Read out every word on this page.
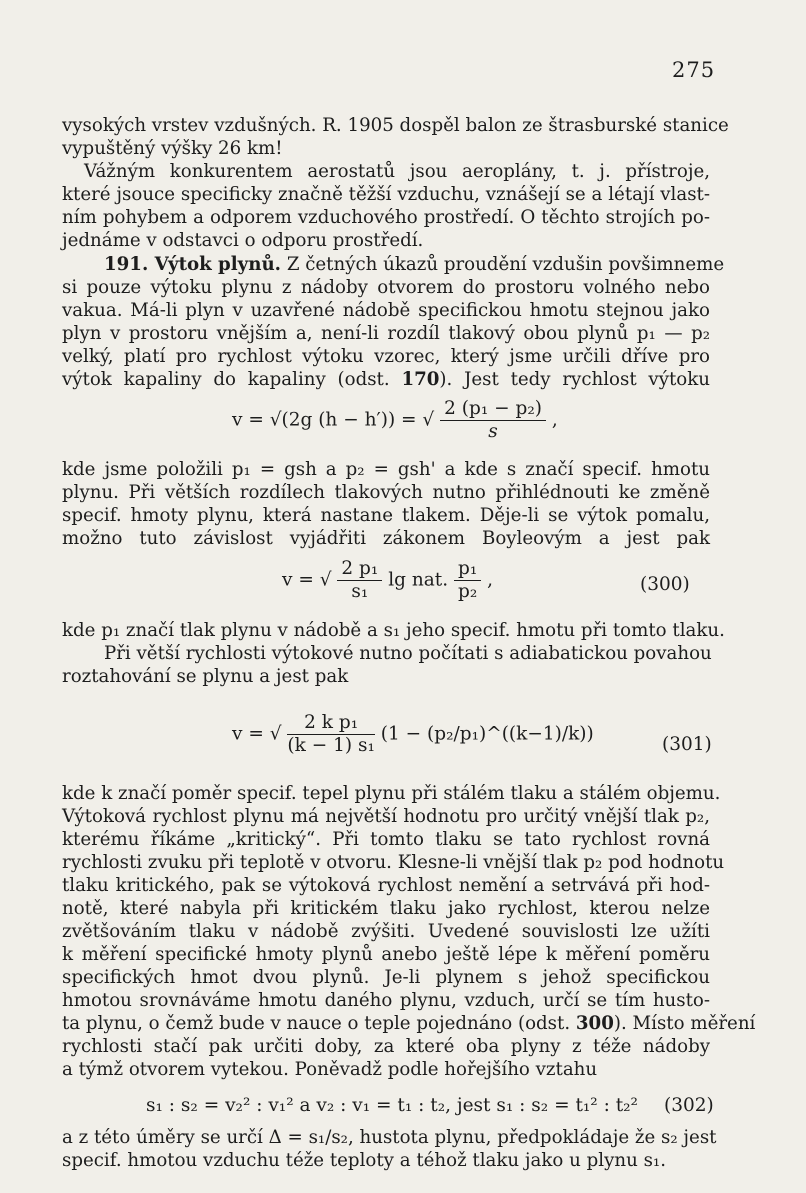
275
vysokých vrstev vzdušných. R. 1905 dospěl balon ze štrasburské stanice
vypuštěný výšky 26 km!
Vážným konkurentem aerostatů jsou aeroplány, t. j. přístroje,
které jsouce specificky značně těžší vzduchu, vznášejí se a létají vlast-
ním pohybem a odporem vzduchového prostředí. O těchto strojích po-
jednáme v odstavci o odporu prostředí.
191. Výtok plynů. Z četných úkazů proudění vzdušin povšimneme
si pouze výtoku plynu z nádoby otvorem do prostoru volného nebo
vakua. Má-li plyn v uzavřené nádobě specifickou hmotu stejnou jako
plyn v prostoru vnějším a, není-li rozdíl tlakový obou plynů p₁ — p₂
velký, platí pro rychlost výtoku vzorec, který jsme určili dříve pro
výtok kapaliny do kapaliny (odst. 170). Jest tedy rychlost výtoku
v = √(2g (h − h′)) = √ $\frac{\text{2 (p₁ − p₂)}}{s}$ ,
kde jsme položili p₁ = gsh a p₂ = gsh' a kde s značí specif. hmotu
plynu. Při větších rozdílech tlakových nutno přihlédnouti ke změně
specif. hmoty plynu, která nastane tlakem. Děje-li se výtok pomalu,
možno tuto závislost vyjádřiti zákonem Boyleovým a jest pak
v = √ $\frac{\text{2 p₁}}{\text{s₁}}$ lg nat. $\frac{\text{p₁}}{\text{p₂}}$ ,	(300)
kde p₁ značí tlak plynu v nádobě a s₁ jeho specif. hmotu při tomto tlaku.
Při větší rychlosti výtokové nutno počítati s adiabatickou povahou
roztahování se plynu a jest pak
v = √ $\frac{\text{2 k p₁}}{\text{(k − 1) s₁}} (1$ − (p₂/p₁)^((k−1)/k))	(301)
kde k značí poměr specif. tepel plynu při stálém tlaku a stálém objemu.
Výtoková rychlost plynu má největší hodnotu pro určitý vnější tlak p₂,
kterému říkáme „kritický“. Při tomto tlaku se tato rychlost rovná
rychlosti zvuku při teplotě v otvoru. Klesne-li vnější tlak p₂ pod hodnotu
tlaku kritického, pak se výtoková rychlost nemění a setrvává při hod-
notě, které nabyla při kritickém tlaku jako rychlost, kterou nelze
zvětšováním tlaku v nádobě zvýšiti. Uvedené souvislosti lze užíti
k měření specifické hmoty plynů anebo ještě lépe k měření poměru
specifických hmot dvou plynů. Je-li plynem s jehož specifickou
hmotou srovnáváme hmotu daného plynu, vzduch, určí se tím husto-
ta plynu, o čemž bude v nauce o teple pojednáno (odst. 300). Místo měření
rychlosti stačí pak určiti doby, za které oba plyny z téže nádoby
a týmž otvorem vytekou. Poněvadž podle hořejšího vztahu
s₁ : s₂ = v₂² : v₁² a v₂ : v₁ = t₁ : t₂, jest s₁ : s₂ = t₁² : t₂² (302)
a z této úměry se určí Δ = s₁/s₂, hustota plynu, předpokládaje že s₂ jest
specif. hmotou vzduchu téže teploty a téhož tlaku jako u plynu s₁.
